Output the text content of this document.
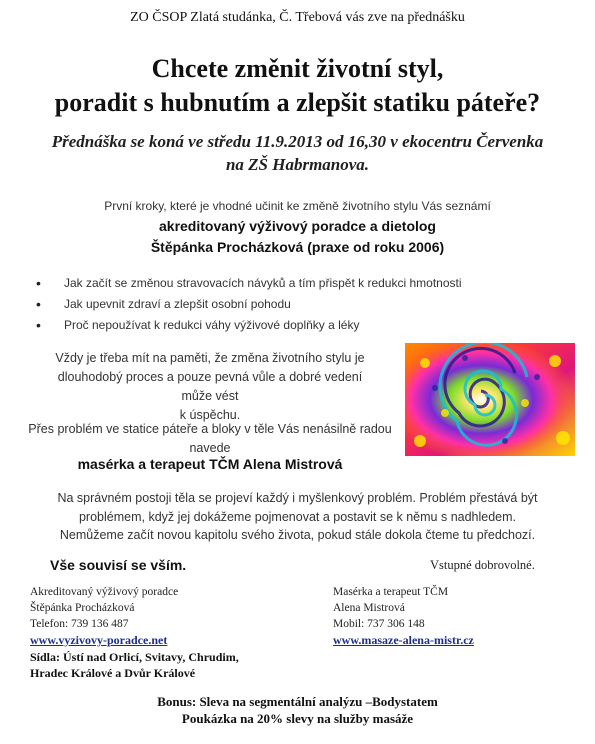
ZO ČSOP Zlatá studánka, Č. Třebová vás zve na přednášku
Chcete změnit životní styl,
poradit s hubnutím a zlepšit statiku páteře?
Přednáška se koná ve středu 11.9.2013 od 16,30 v ekocentru Červenka
na ZŠ Habrmanova.
První kroky, které je vhodné učinit ke změně životního stylu Vás seznámí
akreditovaný výživový poradce a dietolog
Štěpánka Procházková (praxe od roku 2006)
• Jak začít se změnou stravovacích návyků a tím přispět k redukci hmotnosti
• Jak upevnit zdraví a zlepšit osobní pohodu
• Proč nepoužívat k redukci váhy výživové doplňky a léky
Vždy je třeba mít na paměti, že změna životního stylu je
dlouhodobý proces a pouze pevná vůle a dobré vedení může vést
k úspěchu.
Přes problém ve statice páteře a bloky v těle Vás nenásilně radou
navede
masérka a terapeut TČM Alena Mistrová
Na správném postoji těla se projeví každý i myšlenkový problém. Problém přestává být
problémem, když jej dokážeme pojmenovat a postavit se k němu s nadhledem.
Nemůžeme začít novou kapitolu svého života, pokud stále dokola čteme tu předchozí.
Vše souvisí se vším.	Vstupné dobrovolné.
Akreditovaný výživový poradce
Štěpánka Procházková
Telefon: 739 136 487
www.vyzivovy-poradce.net
Masérka a terapeut TČM
Alena Mistrová
Mobil: 737 306 148
www.masaze-alena-mistr.cz
Sídla: Ústí nad Orlicí, Svitavy, Chrudim,
Hradec Králové a Dvůr Králové
Bonus: Sleva na segmentální analýzu –Bodystatem
Poukázka na 20% slevy na služby masáže
